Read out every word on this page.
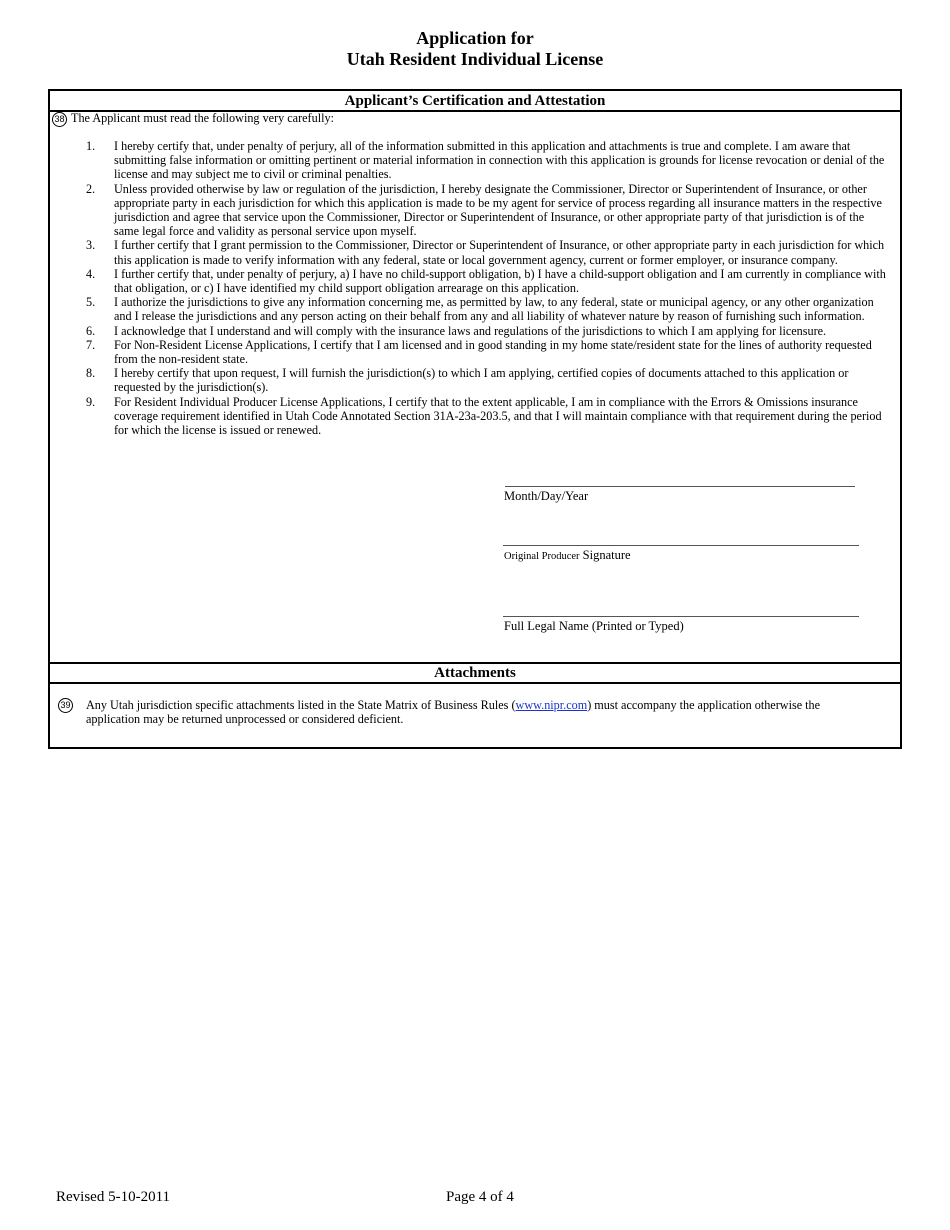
Application for
Utah Resident Individual License
Applicant’s Certification and Attestation
38 The Applicant must read the following very carefully:
1.	I hereby certify that, under penalty of perjury, all of the information submitted in this application and attachments is true and complete. I am aware that submitting false information or omitting pertinent or material information in connection with this application is grounds for license revocation or denial of the license and may subject me to civil or criminal penalties.
2.	Unless provided otherwise by law or regulation of the jurisdiction, I hereby designate the Commissioner, Director or Superintendent of Insurance, or other appropriate party in each jurisdiction for which this application is made to be my agent for service of process regarding all insurance matters in the respective jurisdiction and agree that service upon the Commissioner, Director or Superintendent of Insurance, or other appropriate party of that jurisdiction is of the same legal force and validity as personal service upon myself.
3.	I further certify that I grant permission to the Commissioner, Director or Superintendent of Insurance, or other appropriate party in each jurisdiction for which this application is made to verify information with any federal, state or local government agency, current or former employer, or insurance company.
4.	I further certify that, under penalty of perjury, a) I have no child-support obligation, b) I have a child-support obligation and I am currently in compliance with that obligation, or c) I have identified my child support obligation arrearage on this application.
5.	I authorize the jurisdictions to give any information concerning me, as permitted by law, to any federal, state or municipal agency, or any other organization and I release the jurisdictions and any person acting on their behalf from any and all liability of whatever nature by reason of furnishing such information.
6.	I acknowledge that I understand and will comply with the insurance laws and regulations of the jurisdictions to which I am applying for licensure.
7.	For Non-Resident License Applications, I certify that I am licensed and in good standing in my home state/resident state for the lines of authority requested from the non-resident state.
8.	I hereby certify that upon request, I will furnish the jurisdiction(s) to which I am applying, certified copies of documents attached to this application or requested by the jurisdiction(s).
9.	For Resident Individual Producer License Applications, I certify that to the extent applicable, I am in compliance with the Errors & Omissions insurance coverage requirement identified in Utah Code Annotated Section 31A-23a-203.5, and that I will maintain compliance with that requirement during the period for which the license is issued or renewed.
Month/Day/Year
Original Producer Signature
Full Legal Name (Printed or Typed)
Attachments
39 Any Utah jurisdiction specific attachments listed in the State Matrix of Business Rules (www.nipr.com) must accompany the application otherwise the application may be returned unprocessed or considered deficient.
Revised 5-10-2011	Page 4 of 4
